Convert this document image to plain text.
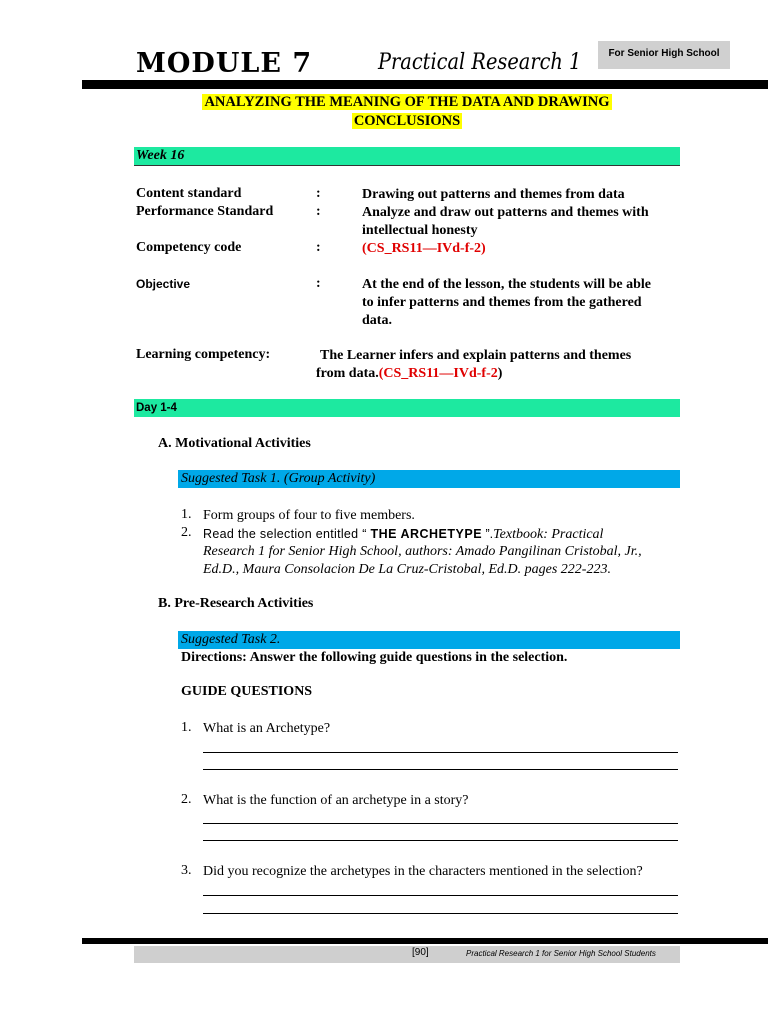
MODULE 7	Practical Research 1	For Senior High School
ANALYZING THE MEANING OF THE DATA AND DRAWING
CONCLUSIONS
Week 16
Content standard	:	Drawing out patterns and themes from data
Performance Standard	:	Analyze and draw out patterns and themes with
intellectual honesty
Competency code	:	(CS_RS11—IVd-f-2)
Objective	:	At the end of the lesson, the students will be able
to infer patterns and themes from the gathered
data.
Learning competency:	The Learner infers and explain patterns and themes
from data.(CS_RS11—IVd-f-2)
Day 1-4
A. Motivational Activities
Suggested Task 1. (Group Activity)
1. Form groups of four to five members.
2. Read the selection entitled “ THE ARCHETYPE ”.Textbook: Practical
Research 1 for Senior High School, authors: Amado Pangilinan Cristobal, Jr.,
Ed.D., Maura Consolacion De La Cruz-Cristobal, Ed.D. pages 222-223.
B. Pre-Research Activities
Suggested Task 2.
Directions: Answer the following guide questions in the selection.
GUIDE QUESTIONS
1. What is an Archetype?
2. What is the function of an archetype in a story?
3. Did you recognize the archetypes in the characters mentioned in the selection?
[90]	Practical Research 1 for Senior High School Students
